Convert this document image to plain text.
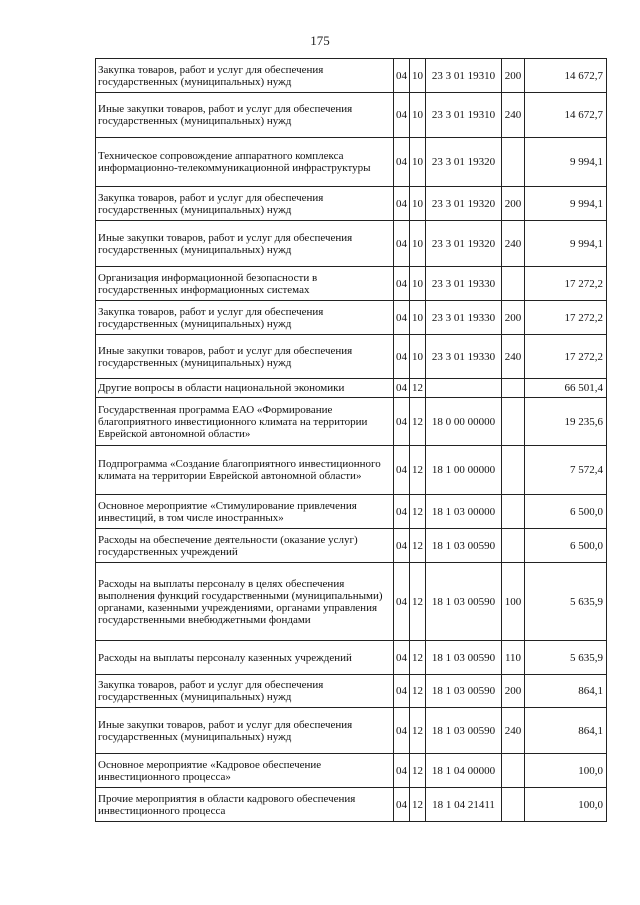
175
Закупка товаров, работ и услуг для обеспечения государственных (муниципальных) нужд	04	10	23 3 01 19310	200	14 672,7
Иные закупки товаров, работ и услуг для обеспечения государственных (муниципальных) нужд	04	10	23 3 01 19310	240	14 672,7
Техническое сопровождение аппаратного комплекса информационно-телекоммуникационной инфраструктуры	04	10	23 3 01 19320		9 994,1
Закупка товаров, работ и услуг для обеспечения государственных (муниципальных) нужд	04	10	23 3 01 19320	200	9 994,1
Иные закупки товаров, работ и услуг для обеспечения государственных (муниципальных) нужд	04	10	23 3 01 19320	240	9 994,1
Организация информационной безопасности в государственных информационных системах	04	10	23 3 01 19330		17 272,2
Закупка товаров, работ и услуг для обеспечения государственных (муниципальных) нужд	04	10	23 3 01 19330	200	17 272,2
Иные закупки товаров, работ и услуг для обеспечения государственных (муниципальных) нужд	04	10	23 3 01 19330	240	17 272,2
Другие вопросы в области национальной экономики	04	12			66 501,4
Государственная программа ЕАО «Формирование благоприятного инвестиционного климата на территории Еврейской автономной области»	04	12	18 0 00 00000		19 235,6
Подпрограмма «Создание благоприятного инвестиционного климата на территории Еврейской автономной области»	04	12	18 1 00 00000		7 572,4
Основное мероприятие «Стимулирование привлечения инвестиций, в том числе иностранных»	04	12	18 1 03 00000		6 500,0
Расходы на обеспечение деятельности (оказание услуг) государственных учреждений	04	12	18 1 03 00590		6 500,0
Расходы на выплаты персоналу в целях обеспечения выполнения функций государственными (муниципальными) органами, казенными учреждениями, органами управления государственными внебюджетными фондами	04	12	18 1 03 00590	100	5 635,9
Расходы на выплаты персоналу казенных учреждений	04	12	18 1 03 00590	110	5 635,9
Закупка товаров, работ и услуг для обеспечения государственных (муниципальных) нужд	04	12	18 1 03 00590	200	864,1
Иные закупки товаров, работ и услуг для обеспечения государственных (муниципальных) нужд	04	12	18 1 03 00590	240	864,1
Основное мероприятие «Кадровое обеспечение инвестиционного процесса»	04	12	18 1 04 00000		100,0
Прочие мероприятия в области кадрового обеспечения инвестиционного процесса	04	12	18 1 04 21411		100,0
